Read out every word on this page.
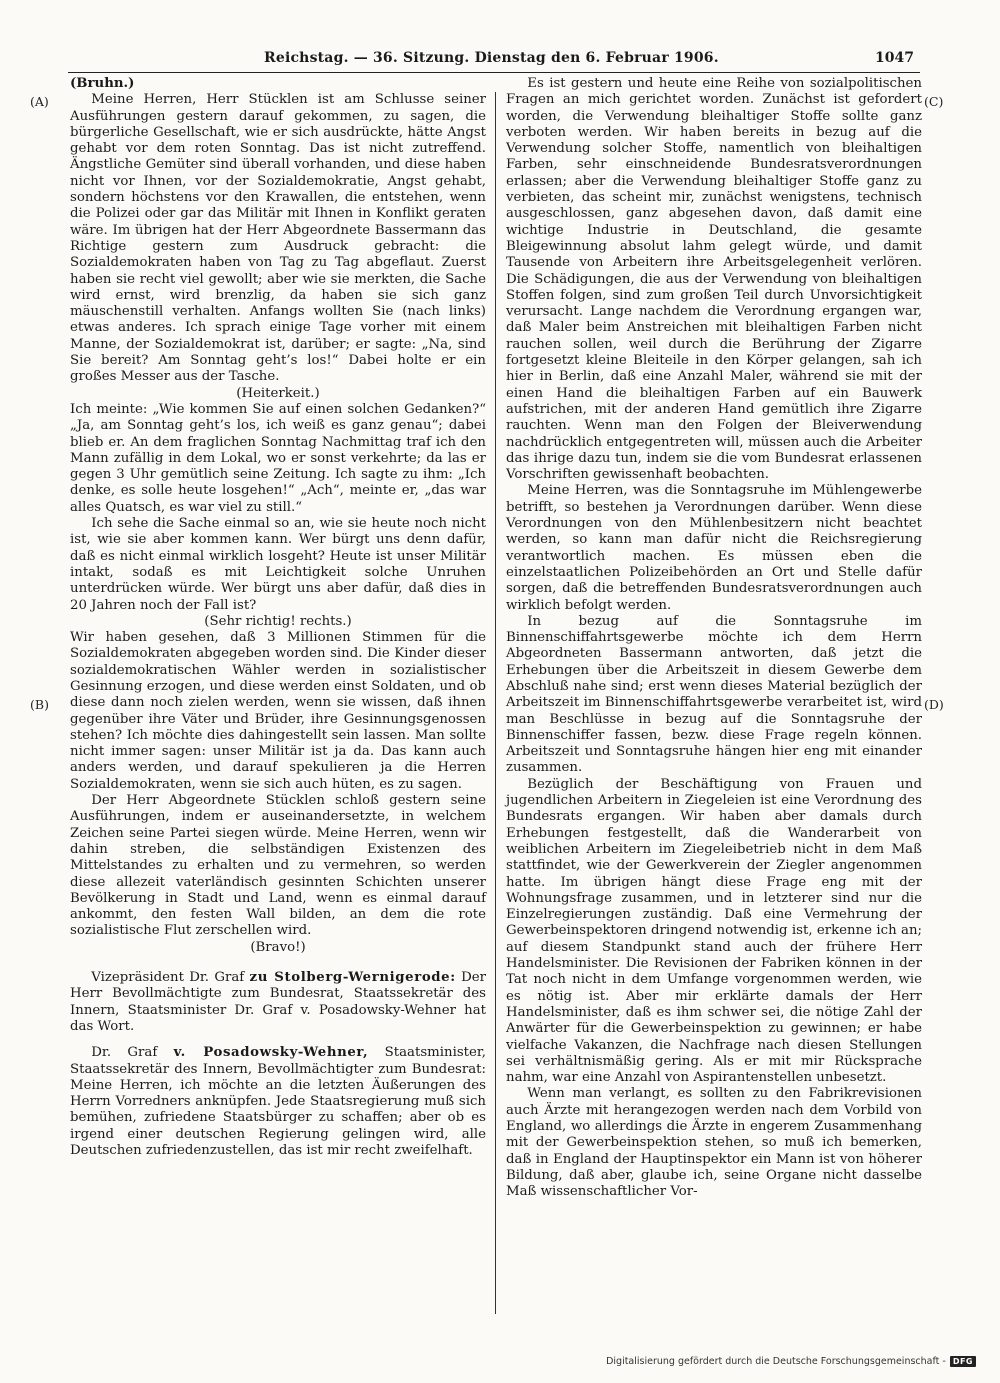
Reichstag. — 36. Sitzung. Dienstag den 6. Februar 1906.	1047
(A)
(B)
(C)
(D)

(Bruhn.)

Meine Herren, Herr Stücklen ist am Schlusse seiner Ausführungen gestern darauf gekommen, zu sagen, die bürgerliche Gesellschaft, wie er sich ausdrückte, hätte Angst gehabt vor dem roten Sonntag. Das ist nicht zutreffend. Ängstliche Gemüter sind überall vorhanden, und diese haben nicht vor Ihnen, vor der Sozialdemokratie, Angst gehabt, sondern höchstens vor den Krawallen, die entstehen, wenn die Polizei oder gar das Militär mit Ihnen in Konflikt geraten wäre. Im übrigen hat der Herr Abgeordnete Bassermann das Richtige gestern zum Ausdruck gebracht: die Sozialdemokraten haben von Tag zu Tag abgeflaut. Zuerst haben sie recht viel gewollt; aber wie sie merkten, die Sache wird ernst, wird brenzlig, da haben sie sich ganz mäuschenstill verhalten. Anfangs wollten Sie (nach links) etwas anderes. Ich sprach einige Tage vorher mit einem Manne, der Sozialdemokrat ist, darüber; er sagte: „Na, sind Sie bereit? Am Sonntag geht’s los!“ Dabei holte er ein großes Messer aus der Tasche.

(Heiterkeit.)

Ich meinte: „Wie kommen Sie auf einen solchen Gedanken?“ „Ja, am Sonntag geht’s los, ich weiß es ganz genau“; dabei blieb er. An dem fraglichen Sonntag Nachmittag traf ich den Mann zufällig in dem Lokal, wo er sonst verkehrte; da las er gegen 3 Uhr gemütlich seine Zeitung. Ich sagte zu ihm: „Ich denke, es solle heute losgehen!“ „Ach“, meinte er, „das war alles Quatsch, es war viel zu still.“

Ich sehe die Sache einmal so an, wie sie heute noch nicht ist, wie sie aber kommen kann. Wer bürgt uns denn dafür, daß es nicht einmal wirklich losgeht? Heute ist unser Militär intakt, sodaß es mit Leichtigkeit solche Unruhen unterdrücken würde. Wer bürgt uns aber dafür, daß dies in 20 Jahren noch der Fall ist?

(Sehr richtig! rechts.)

Wir haben gesehen, daß 3 Millionen Stimmen für die Sozialdemokraten abgegeben worden sind. Die Kinder dieser sozialdemokratischen Wähler werden in sozialistischer Gesinnung erzogen, und diese werden einst Soldaten, und ob diese dann noch zielen werden, wenn sie wissen, daß ihnen gegenüber ihre Väter und Brüder, ihre Gesinnungsgenossen stehen? Ich möchte dies dahingestellt sein lassen. Man sollte nicht immer sagen: unser Militär ist ja da. Das kann auch anders werden, und darauf spekulieren ja die Herren Sozialdemokraten, wenn sie sich auch hüten, es zu sagen.

Der Herr Abgeordnete Stücklen schloß gestern seine Ausführungen, indem er auseinandersetzte, in welchem Zeichen seine Partei siegen würde. Meine Herren, wenn wir dahin streben, die selbständigen Existenzen des Mittelstandes zu erhalten und zu vermehren, so werden diese allezeit vaterländisch gesinnten Schichten unserer Bevölkerung in Stadt und Land, wenn es einmal darauf ankommt, den festen Wall bilden, an dem die rote sozialistische Flut zerschellen wird.

(Bravo!)

Vizepräsident Dr. Graf zu Stolberg-Wernigerode: Der Herr Bevollmächtigte zum Bundesrat, Staatssekretär des Innern, Staatsminister Dr. Graf v. Posadowsky-Wehner hat das Wort.

Dr. Graf v. Posadowsky-Wehner, Staatsminister, Staatssekretär des Innern, Bevollmächtigter zum Bundesrat: Meine Herren, ich möchte an die letzten Äußerungen des Herrn Vorredners anknüpfen. Jede Staatsregierung muß sich bemühen, zufriedene Staatsbürger zu schaffen; aber ob es irgend einer deutschen Regierung gelingen wird, alle Deutschen zufriedenzustellen, das ist mir recht zweifelhaft.

Es ist gestern und heute eine Reihe von sozialpolitischen Fragen an mich gerichtet worden. Zunächst ist gefordert worden, die Verwendung bleihaltiger Stoffe sollte ganz verboten werden. Wir haben bereits in bezug auf die Verwendung solcher Stoffe, namentlich von bleihaltigen Farben, sehr einschneidende Bundesratsverordnungen erlassen; aber die Verwendung bleihaltiger Stoffe ganz zu verbieten, das scheint mir, zunächst wenigstens, technisch ausgeschlossen, ganz abgesehen davon, daß damit eine wichtige Industrie in Deutschland, die gesamte Bleigewinnung absolut lahm gelegt würde, und damit Tausende von Arbeitern ihre Arbeitsgelegenheit verlören. Die Schädigungen, die aus der Verwendung von bleihaltigen Stoffen folgen, sind zum großen Teil durch Unvorsichtigkeit verursacht. Lange nachdem die Verordnung ergangen war, daß Maler beim Anstreichen mit bleihaltigen Farben nicht rauchen sollen, weil durch die Berührung der Zigarre fortgesetzt kleine Bleiteile in den Körper gelangen, sah ich hier in Berlin, daß eine Anzahl Maler, während sie mit der einen Hand die bleihaltigen Farben auf ein Bauwerk aufstrichen, mit der anderen Hand gemütlich ihre Zigarre rauchten. Wenn man den Folgen der Bleiverwendung nachdrücklich entgegentreten will, müssen auch die Arbeiter das ihrige dazu tun, indem sie die vom Bundesrat erlassenen Vorschriften gewissenhaft beobachten.

Meine Herren, was die Sonntagsruhe im Mühlengewerbe betrifft, so bestehen ja Verordnungen darüber. Wenn diese Verordnungen von den Mühlenbesitzern nicht beachtet werden, so kann man dafür nicht die Reichsregierung verantwortlich machen. Es müssen eben die einzelstaatlichen Polizeibehörden an Ort und Stelle dafür sorgen, daß die betreffenden Bundesratsverordnungen auch wirklich befolgt werden.

In bezug auf die Sonntagsruhe im Binnenschiffahrtsgewerbe möchte ich dem Herrn Abgeordneten Bassermann antworten, daß jetzt die Erhebungen über die Arbeitszeit in diesem Gewerbe dem Abschluß nahe sind; erst wenn dieses Material bezüglich der Arbeitszeit im Binnenschiffahrtsgewerbe verarbeitet ist, wird man Beschlüsse in bezug auf die Sonntagsruhe der Binnenschiffer fassen, bezw. diese Frage regeln können. Arbeitszeit und Sonntagsruhe hängen hier eng mit einander zusammen.

Bezüglich der Beschäftigung von Frauen und jugendlichen Arbeitern in Ziegeleien ist eine Verordnung des Bundesrats ergangen. Wir haben aber damals durch Erhebungen festgestellt, daß die Wanderarbeit von weiblichen Arbeitern im Ziegeleibetrieb nicht in dem Maß stattfindet, wie der Gewerkverein der Ziegler angenommen hatte. Im übrigen hängt diese Frage eng mit der Wohnungsfrage zusammen, und in letzterer sind nur die Einzelregierungen zuständig. Daß eine Vermehrung der Gewerbeinspektoren dringend notwendig ist, erkenne ich an; auf diesem Standpunkt stand auch der frühere Herr Handelsminister. Die Revisionen der Fabriken können in der Tat noch nicht in dem Umfange vorgenommen werden, wie es nötig ist. Aber mir erklärte damals der Herr Handelsminister, daß es ihm schwer sei, die nötige Zahl der Anwärter für die Gewerbeinspektion zu gewinnen; er habe vielfache Vakanzen, die Nachfrage nach diesen Stellungen sei verhältnismäßig gering. Als er mit mir Rücksprache nahm, war eine Anzahl von Aspirantenstellen unbesetzt.

Wenn man verlangt, es sollten zu den Fabrikrevisionen auch Ärzte mit herangezogen werden nach dem Vorbild von England, wo allerdings die Ärzte in engerem Zusammenhang mit der Gewerbeinspektion stehen, so muß ich bemerken, daß in England der Hauptinspektor ein Mann ist von höherer Bildung, daß aber, glaube ich, seine Organe nicht dasselbe Maß wissenschaftlicher Vor-

Digitalisierung gefördert durch die Deutsche Forschungsgemeinschaft - DFG
